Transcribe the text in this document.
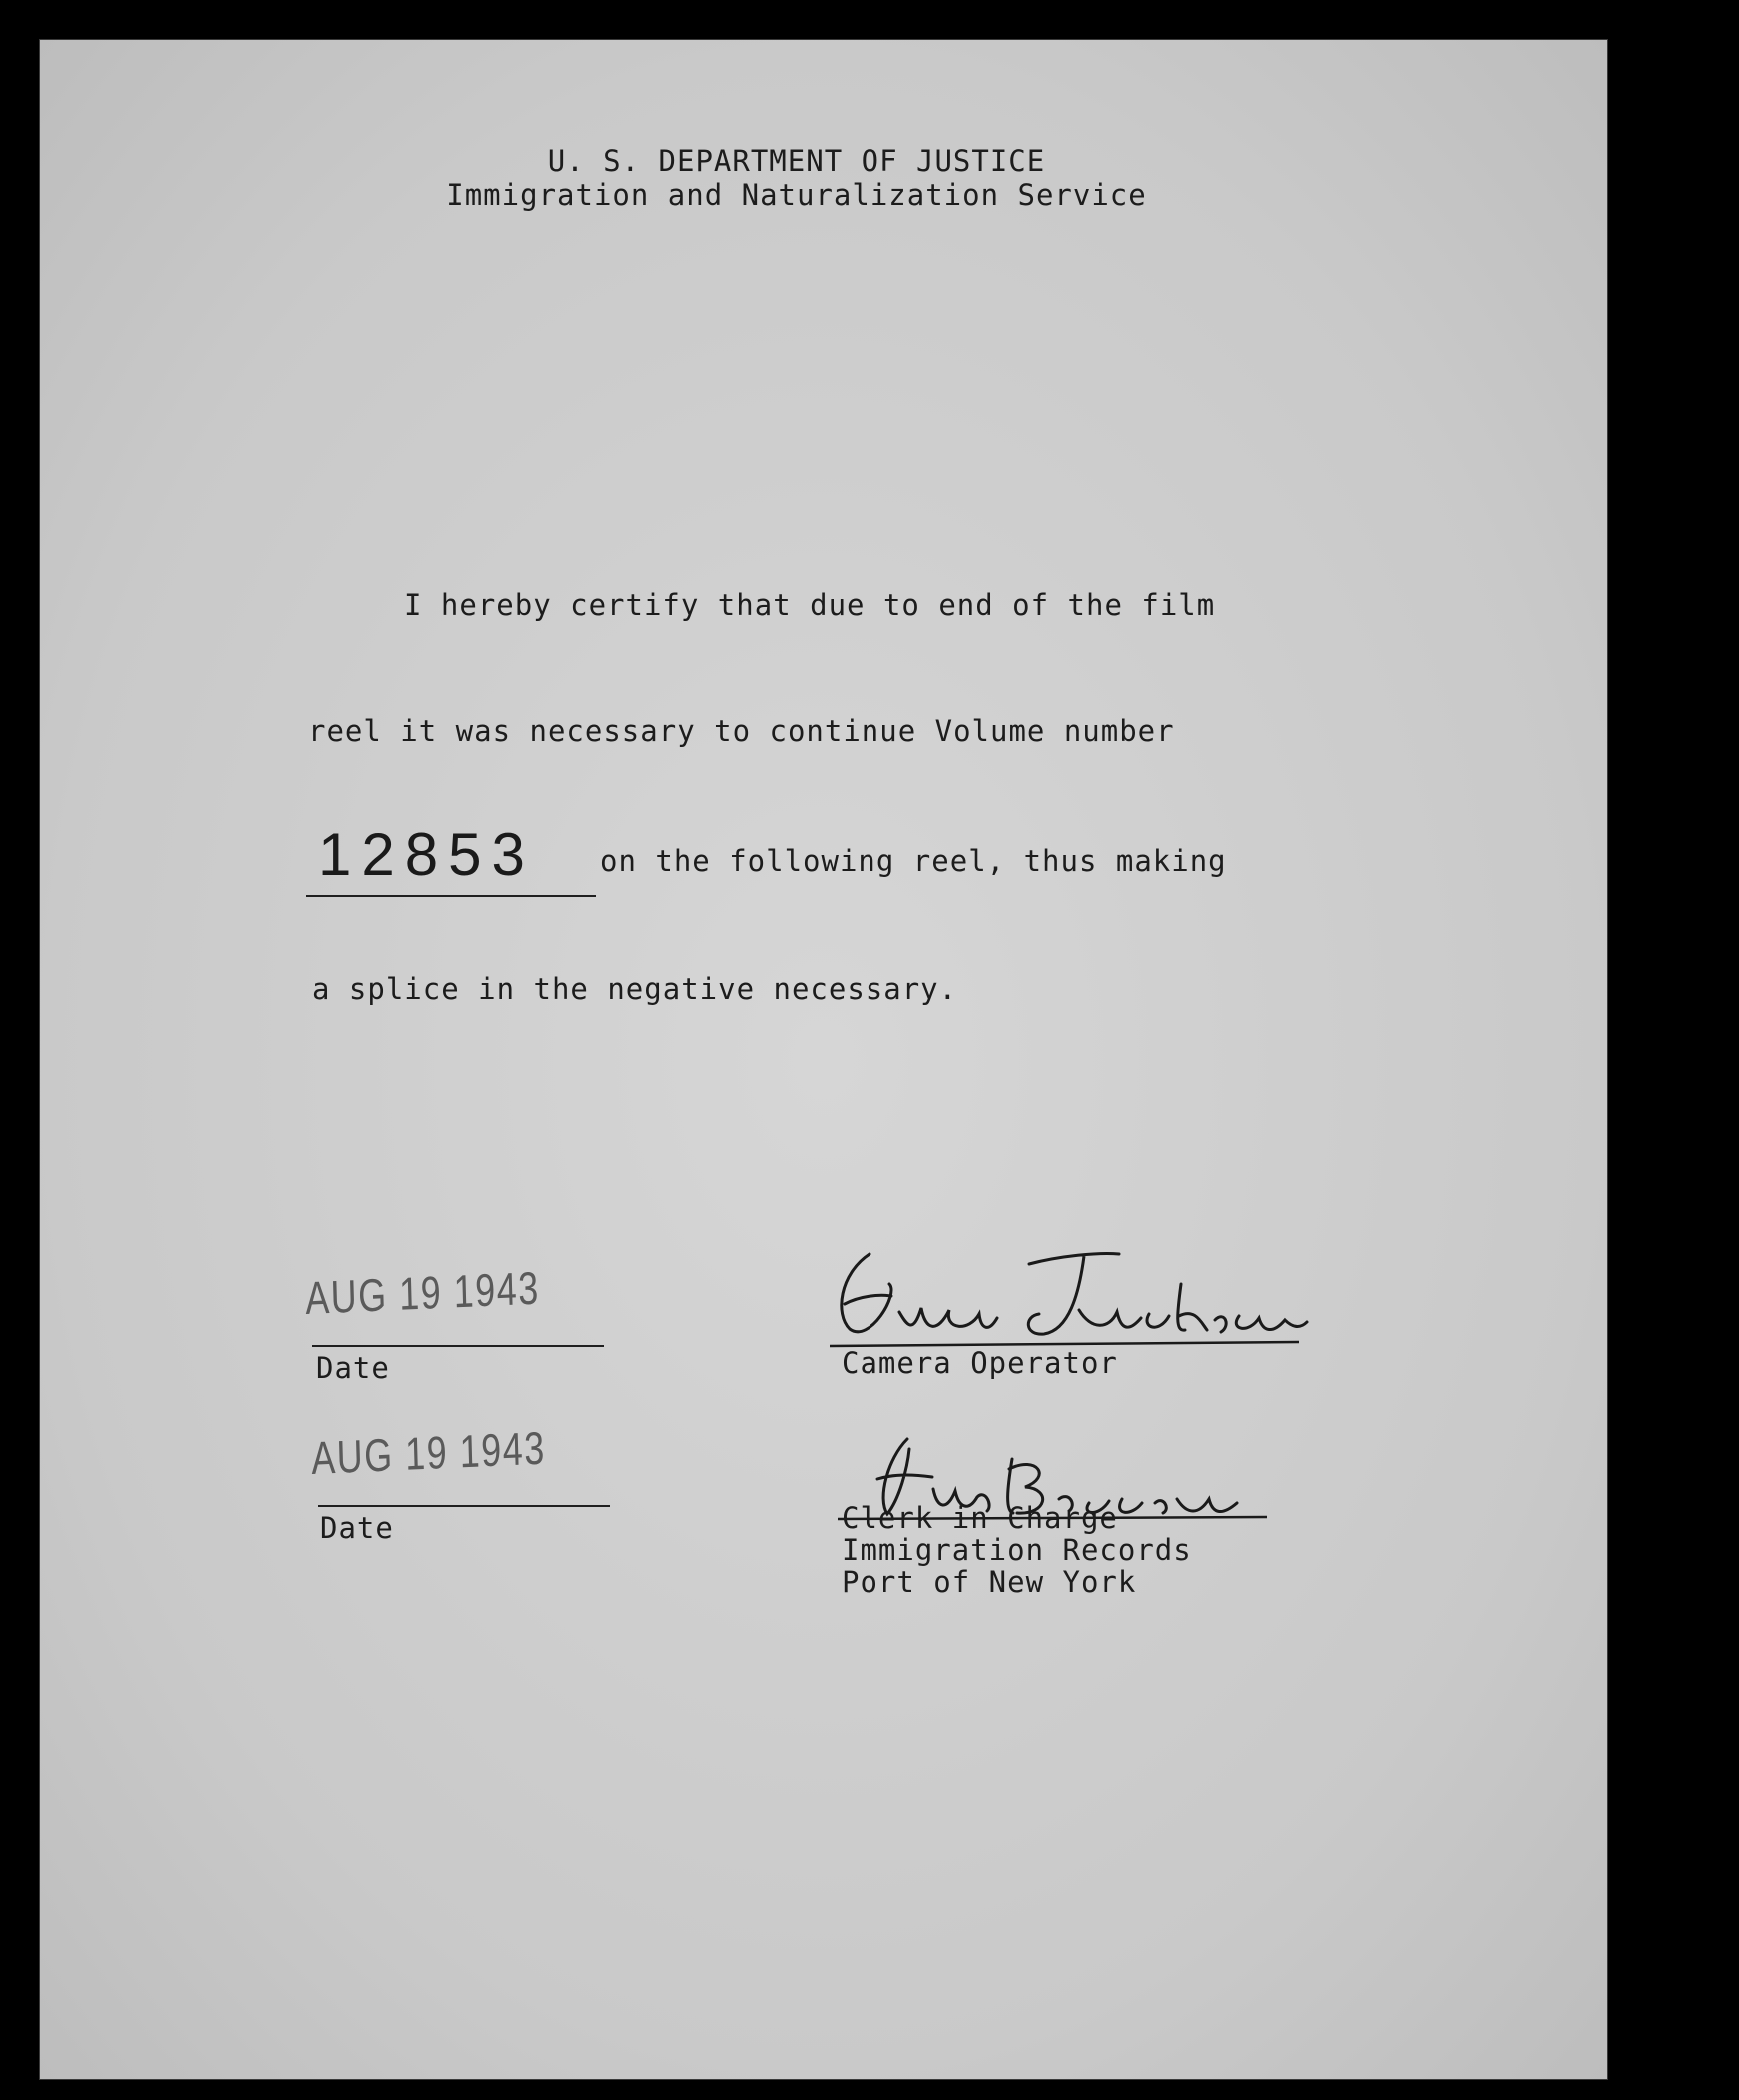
U. S. DEPARTMENT OF JUSTICE
Immigration and Naturalization Service
I hereby certify that due to end of the film
reel it was necessary to continue Volume number
12853 on the following reel, thus making
a splice in the negative necessary.
AUG 19 1943
Date	Camera Operator
AUG 19 1943
Date	Clerk in Charge
Immigration Records
Port of New York
